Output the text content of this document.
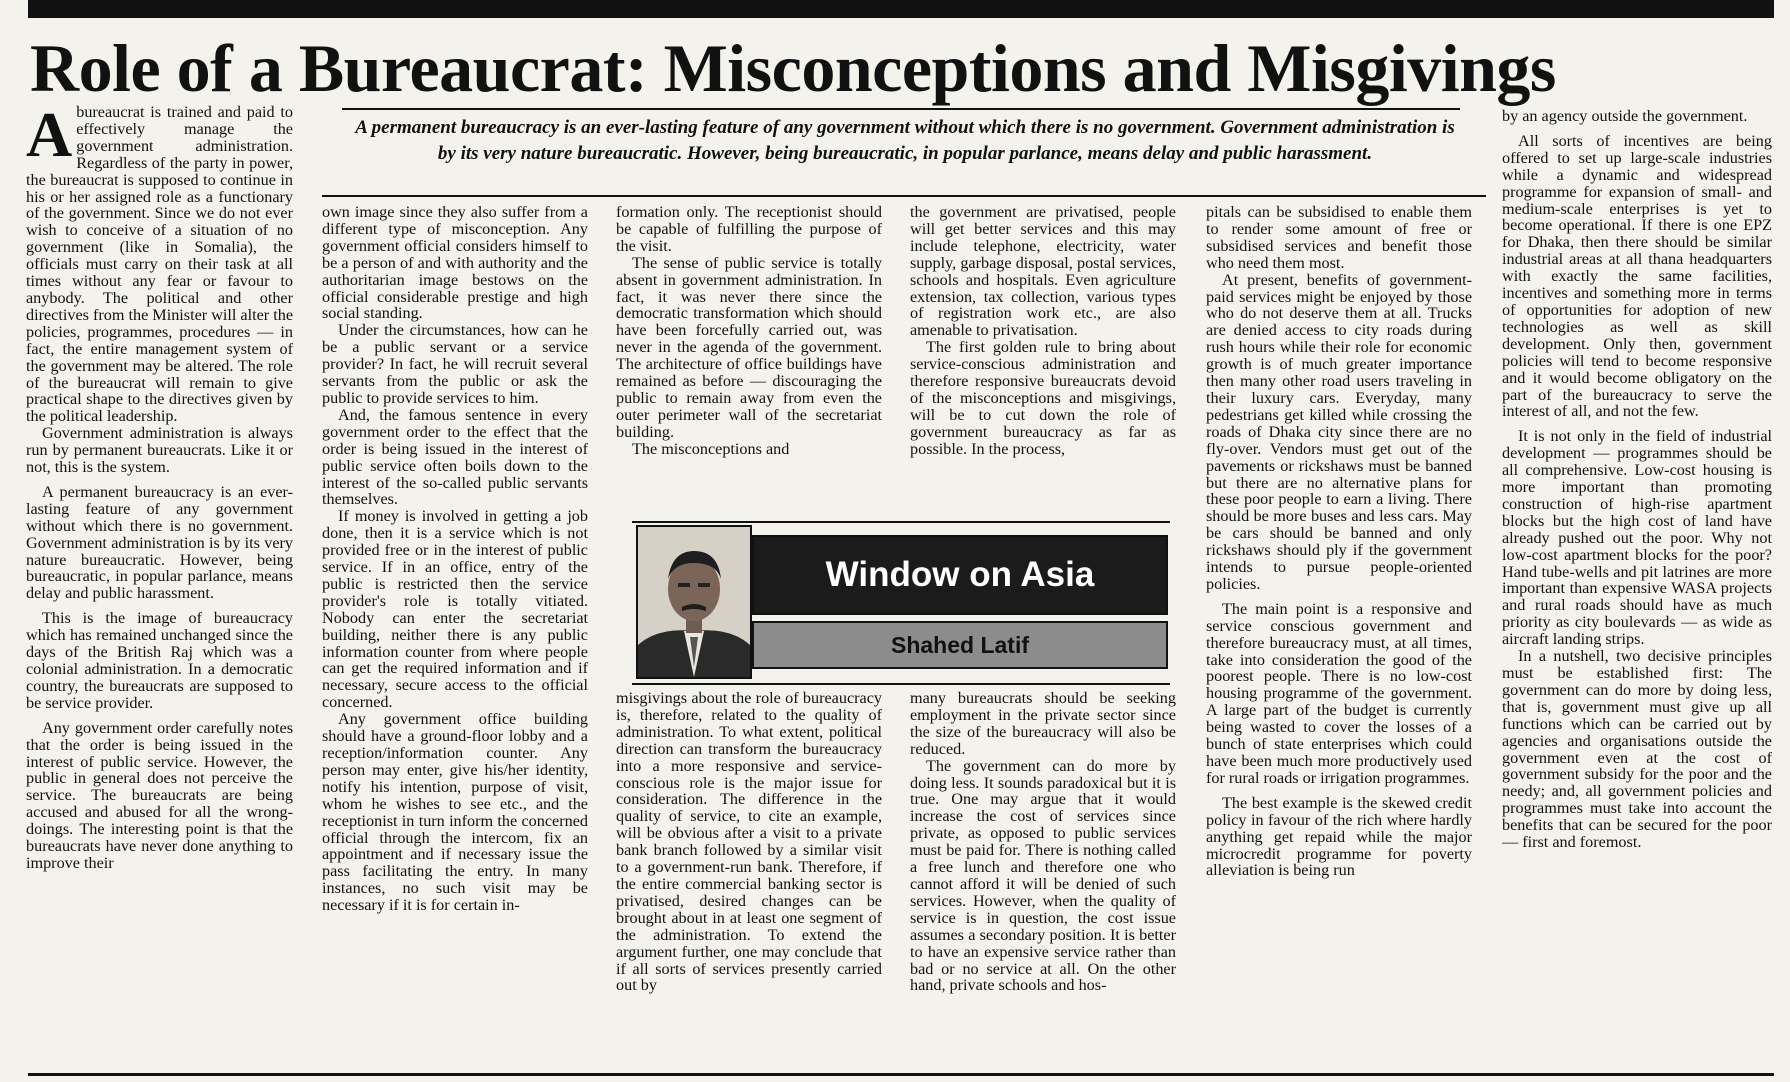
Role of a Bureaucrat: Misconceptions and Misgivings
A permanent bureaucracy is an ever-lasting feature of any government without which there is no government. Government administration is by its very nature bureaucratic. However, being bureaucratic, in popular parlance, means delay and public harassment.
A bureaucrat is trained and paid to effectively manage the government administration. Regardless of the party in power, the bureaucrat is supposed to continue in his or her assigned role as a functionary of the government. Since we do not ever wish to conceive of a situation of no government (like in Somalia), the officials must carry on their task at all times without any fear or favour to anybody. The political and other directives from the Minister will alter the policies, programmes, procedures — in fact, the entire management system of the government may be altered. The role of the bureaucrat will remain to give practical shape to the directives given by the political leadership.

Government administration is always run by permanent bureaucrats. Like it or not, this is the system.

A permanent bureaucracy is an ever-lasting feature of any government without which there is no government. Government administration is by its very nature bureaucratic. However, being bureaucratic, in popular parlance, means delay and public harassment.

This is the image of bureaucracy which has remained unchanged since the days of the British Raj which was a colonial administration. In a democratic country, the bureaucrats are supposed to be service provider.

Any government order carefully notes that the order is being issued in the interest of public service. However, the public in general does not perceive the service. The bureaucrats are being accused and abused for all the wrong-doings. The interesting point is that the bureaucrats have never done anything to improve their

own image since they also suffer from a different type of misconception. Any government official considers himself to be a person of and with authority and the authoritarian image bestows on the official considerable prestige and high social standing.

Under the circumstances, how can he be a public servant or a service provider? In fact, he will recruit several servants from the public or ask the public to provide services to him.

And, the famous sentence in every government order to the effect that the order is being issued in the interest of public service often boils down to the interest of the so-called public servants themselves.

If money is involved in getting a job done, then it is a service which is not provided free or in the interest of public service. If in an office, entry of the public is restricted then the service provider's role is totally vitiated. Nobody can enter the secretariat building, neither there is any public information counter from where people can get the required information and if necessary, secure access to the official concerned.

Any government office building should have a ground-floor lobby and a reception/information counter. Any person may enter, give his/her identity, notify his intention, purpose of visit, whom he wishes to see etc., and the receptionist in turn inform the concerned official through the intercom, fix an appointment and if necessary issue the pass facilitating the entry. In many instances, no such visit may be necessary if it is for certain in-

formation only. The receptionist should be capable of fulfilling the purpose of the visit.

The sense of public service is totally absent in government administration. In fact, it was never there since the democratic transformation which should have been forcefully carried out, was never in the agenda of the government. The architecture of office buildings have remained as before — discouraging the public to remain away from even the outer perimeter wall of the secretariat building.

The misconceptions and

the government are privatised, people will get better services and this may include telephone, electricity, water supply, garbage disposal, postal services, schools and hospitals. Even agriculture extension, tax collection, various types of registration work etc., are also amenable to privatisation.

The first golden rule to bring about service-conscious administration and therefore responsive bureaucrats devoid of the misconceptions and misgivings, will be to cut down the role of government bureaucracy as far as possible. In the process,

Window on Asia
Shahed Latif

misgivings about the role of bureaucracy is, therefore, related to the quality of administration. To what extent, political direction can transform the bureaucracy into a more responsive and service-conscious role is the major issue for consideration. The difference in the quality of service, to cite an example, will be obvious after a visit to a private bank branch followed by a similar visit to a government-run bank. Therefore, if the entire commercial banking sector is privatised, desired changes can be brought about in at least one segment of the administration. To extend the argument further, one may conclude that if all sorts of services presently carried out by

many bureaucrats should be seeking employment in the private sector since the size of the bureaucracy will also be reduced.

The government can do more by doing less. It sounds paradoxical but it is true. One may argue that it would increase the cost of services since private, as opposed to public services must be paid for. There is nothing called a free lunch and therefore one who cannot afford it will be denied of such services. However, when the quality of service is in question, the cost issue assumes a secondary position. It is better to have an expensive service rather than bad or no service at all. On the other hand, private schools and hos-

pitals can be subsidised to enable them to render some amount of free or subsidised services and benefit those who need them most.

At present, benefits of government-paid services might be enjoyed by those who do not deserve them at all. Trucks are denied access to city roads during rush hours while their role for economic growth is of much greater importance then many other road users traveling in their luxury cars. Everyday, many pedestrians get killed while crossing the roads of Dhaka city since there are no fly-over. Vendors must get out of the pavements or rickshaws must be banned but there are no alternative plans for these poor people to earn a living. There should be more buses and less cars. May be cars should be banned and only rickshaws should ply if the government intends to pursue people-oriented policies.

The main point is a responsive and service conscious government and therefore bureaucracy must, at all times, take into consideration the good of the poorest people. There is no low-cost housing programme of the government. A large part of the budget is currently being wasted to cover the losses of a bunch of state enterprises which could have been much more productively used for rural roads or irrigation programmes.

The best example is the skewed credit policy in favour of the rich where hardly anything get repaid while the major microcredit programme for poverty alleviation is being run

by an agency outside the government.

All sorts of incentives are being offered to set up large-scale industries while a dynamic and widespread programme for expansion of small- and medium-scale enterprises is yet to become operational. If there is one EPZ for Dhaka, then there should be similar industrial areas at all thana headquarters with exactly the same facilities, incentives and something more in terms of opportunities for adoption of new technologies as well as skill development. Only then, government policies will tend to become responsive and it would become obligatory on the part of the bureaucracy to serve the interest of all, and not the few.

It is not only in the field of industrial development — programmes should be all comprehensive. Low-cost housing is more important than promoting construction of high-rise apartment blocks but the high cost of land have already pushed out the poor. Why not low-cost apartment blocks for the poor? Hand tube-wells and pit latrines are more important than expensive WASA projects and rural roads should have as much priority as city boulevards — as wide as aircraft landing strips.

In a nutshell, two decisive principles must be established first: The government can do more by doing less, that is, government must give up all functions which can be carried out by agencies and organisations outside the government even at the cost of government subsidy for the poor and the needy; and, all government policies and programmes must take into account the benefits that can be secured for the poor — first and foremost.
